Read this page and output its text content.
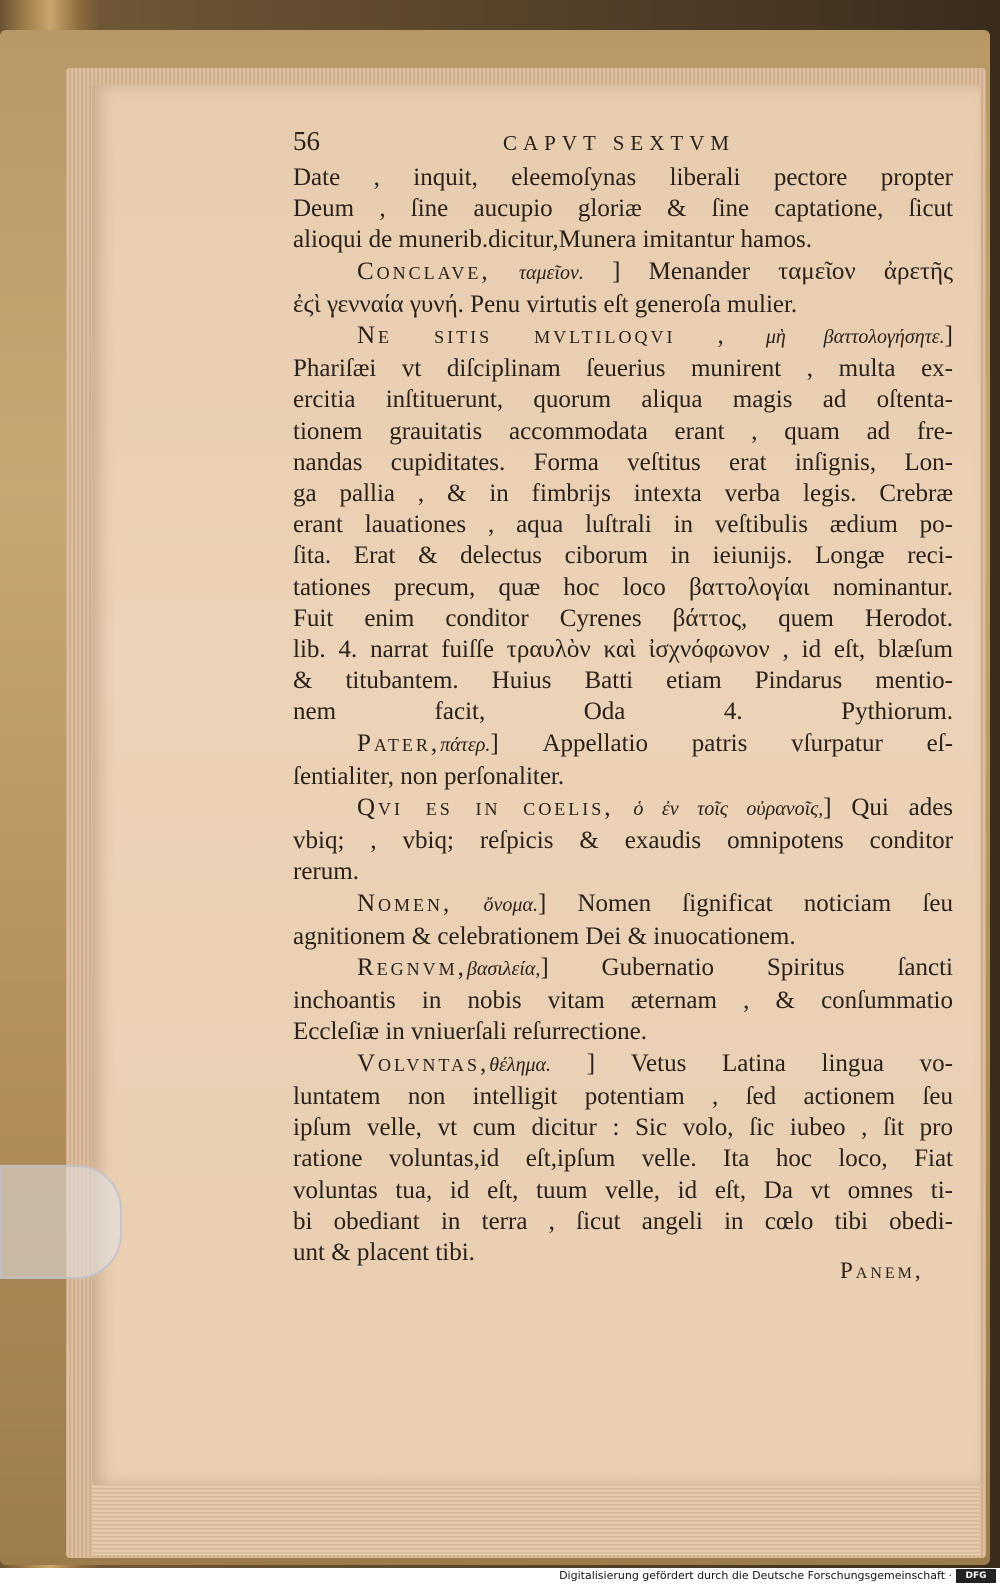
56	CAPVT SEXTVM
Date , inquit, eleemoſynas liberali pectore propter
Deum , ſine aucupio gloriæ & ſine captatione, ſicut
alioqui de munerib.dicitur,Munera imitantur hamos.
Conclave, ταμεῖον. ] Menander ταμεῖον ἀρετῆς
ἐϛὶ γενναία γυνή. Penu virtutis eſt generoſa mulier.
Ne sitis mvltiloqvi , μὴ βαττολογήσητε.]
Phariſæi vt diſciplinam ſeuerius munirent , multa ex-
ercitia inſtituerunt, quorum aliqua magis ad oſtenta-
tionem grauitatis accommodata erant , quam ad fre-
nandas cupiditates. Forma veſtitus erat inſignis, Lon-
ga pallia , & in fimbrijs intexta verba legis. Crebræ
erant lauationes , aqua luſtrali in veſtibulis ædium po-
ſita. Erat & delectus ciborum in ieiunijs. Longæ reci-
tationes precum, quæ hoc loco βαττολογίαι nominantur.
Fuit enim conditor Cyrenes βάττος, quem Herodot.
lib. 4. narrat fuiſſe τραυλὸν καὶ ἰσχνόφωνον , id eſt, blæſum
& titubantem. Huius Batti etiam Pindarus mentio-
nem facit, Oda 4. Pythiorum.
Pater,πάτερ.] Appellatio patris vſurpatur eſ-
ſentialiter, non perſonaliter.
Qvi es in coelis, ὁ ἐν τοῖς οὐρανοῖς,] Qui ades
vbiq; , vbiq; reſpicis & exaudis omnipotens conditor
rerum.
Nomen, ὄνομα.] Nomen ſignificat noticiam ſeu
agnitionem & celebrationem Dei & inuocationem.
Regnvm,βασιλεία,] Gubernatio Spiritus ſancti
inchoantis in nobis vitam æternam , & conſummatio
Eccleſiæ in vniuerſali reſurrectione.
Volvntas,θέλημα. ] Vetus Latina lingua vo-
luntatem non intelligit potentiam , ſed actionem ſeu
ipſum velle, vt cum dicitur : Sic volo, ſic iubeo , ſit pro
ratione voluntas,id eſt,ipſum velle. Ita hoc loco, Fiat
voluntas tua, id eſt, tuum velle, id eſt, Da vt omnes ti-
bi obediant in terra , ſicut angeli in cœlo tibi obedi-
unt & placent tibi.
Panem,
Digitalisierung gefördert durch die Deutsche Forschungsgemeinschaft ·	DFG
